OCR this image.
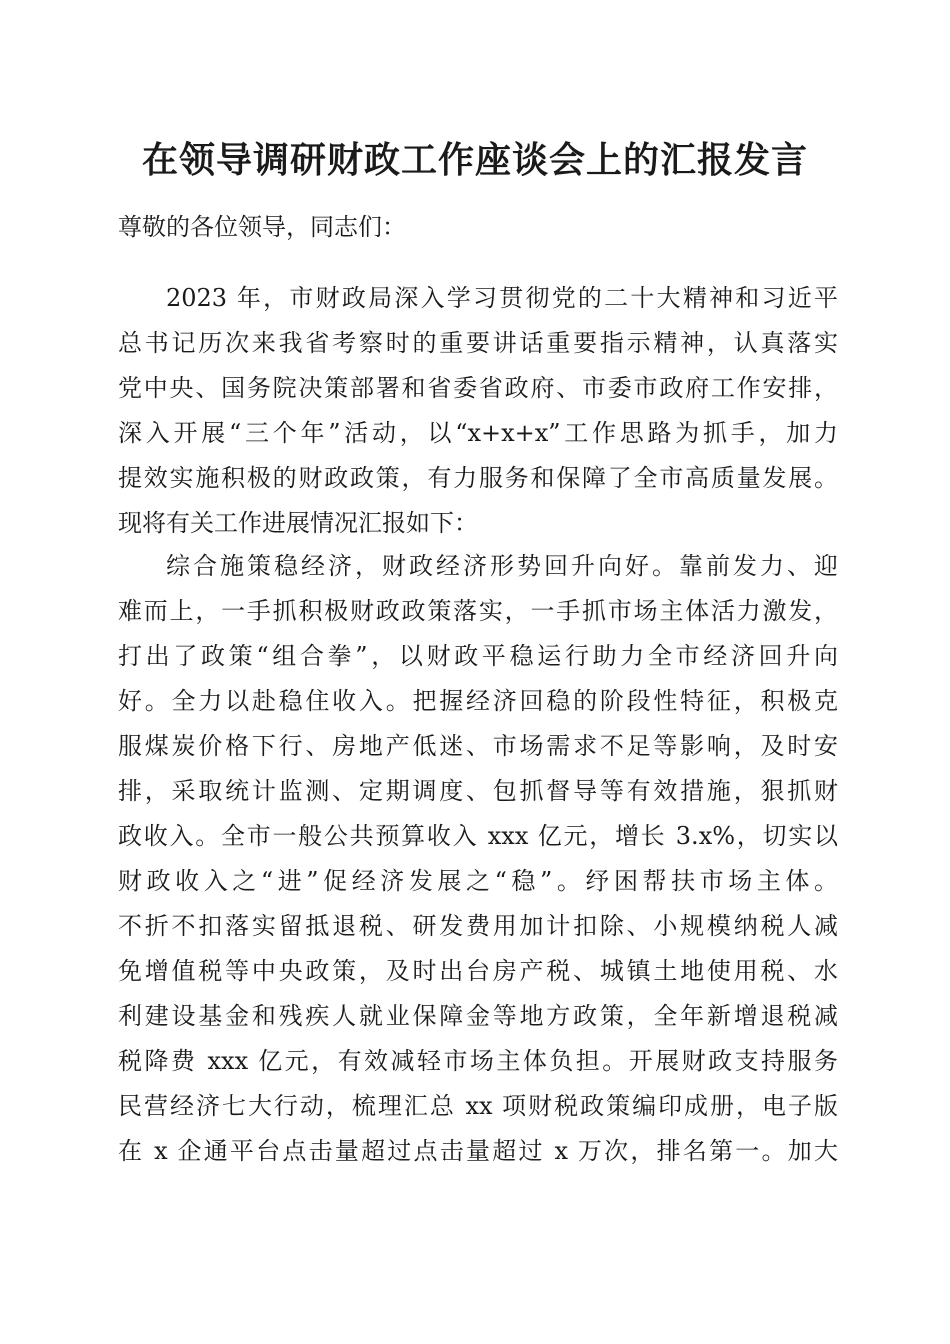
在领导调研财政工作座谈会上的汇报发言

尊敬的各位领导，同志们：

2023 年，市财政局深入学习贯彻党的二十大精神和习近平

总书记历次来我省考察时的重要讲话重要指示精神，认真落实

党中央、国务院决策部署和省委省政府、市委市政府工作安排，

深入开展“三个年”活动，以“x+x+x”工作思路为抓手，加力

提效实施积极的财政政策，有力服务和保障了全市高质量发展。

现将有关工作进展情况汇报如下：

综合施策稳经济，财政经济形势回升向好。靠前发力、迎

难而上，一手抓积极财政政策落实，一手抓市场主体活力激发，

打出了政策“组合拳”，以财政平稳运行助力全市经济回升向

好。全力以赴稳住收入。把握经济回稳的阶段性特征，积极克

服煤炭价格下行、房地产低迷、市场需求不足等影响，及时安

排，采取统计监测、定期调度、包抓督导等有效措施，狠抓财

政收入。全市一般公共预算收入 xxx 亿元，增长 3.x%，切实以

财政收入之“进”促经济发展之“稳”。纾困帮扶市场主体。

不折不扣落实留抵退税、研发费用加计扣除、小规模纳税人减

免增值税等中央政策，及时出台房产税、城镇土地使用税、水

利建设基金和残疾人就业保障金等地方政策，全年新增退税减

税降费 xxx 亿元，有效减轻市场主体负担。开展财政支持服务

民营经济七大行动，梳理汇总 xx 项财税政策编印成册，电子版

在 x 企通平台点击量超过点击量超过 x 万次，排名第一。加大
